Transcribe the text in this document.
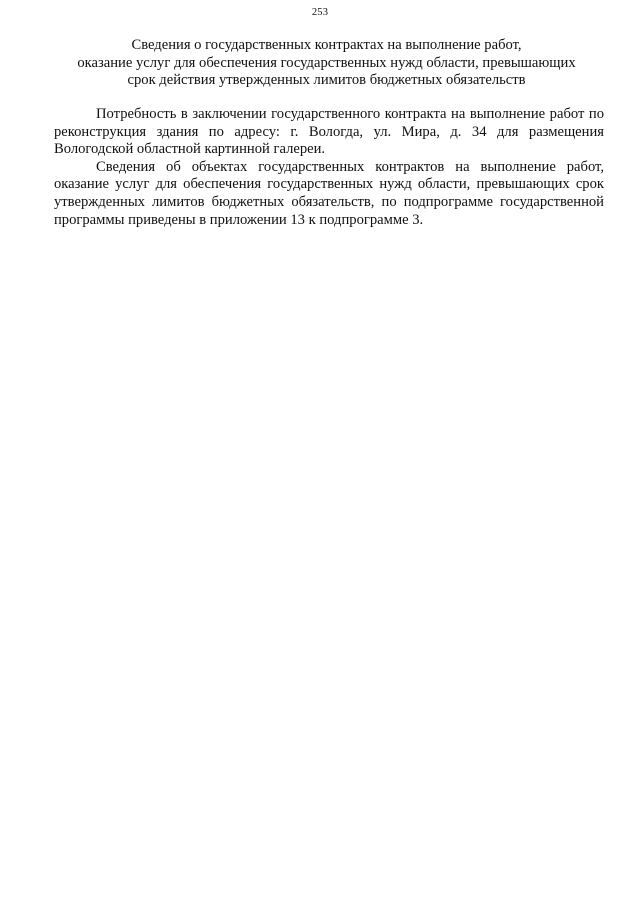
253
Сведения о государственных контрактах на выполнение работ,
оказание услуг для обеспечения государственных нужд области, превышающих
срок действия утвержденных лимитов бюджетных обязательств

Потребность в заключении государственного контракта на выполнение работ по реконструкция здания по адресу: г. Вологда, ул. Мира, д. 34 для размещения Вологодской областной картинной галереи.

Сведения об объектах государственных контрактов на выполнение работ, оказание услуг для обеспечения государственных нужд области, превышающих срок утвержденных лимитов бюджетных обязательств, по подпрограмме государственной программы приведены в приложении 13 к подпрограмме 3.
